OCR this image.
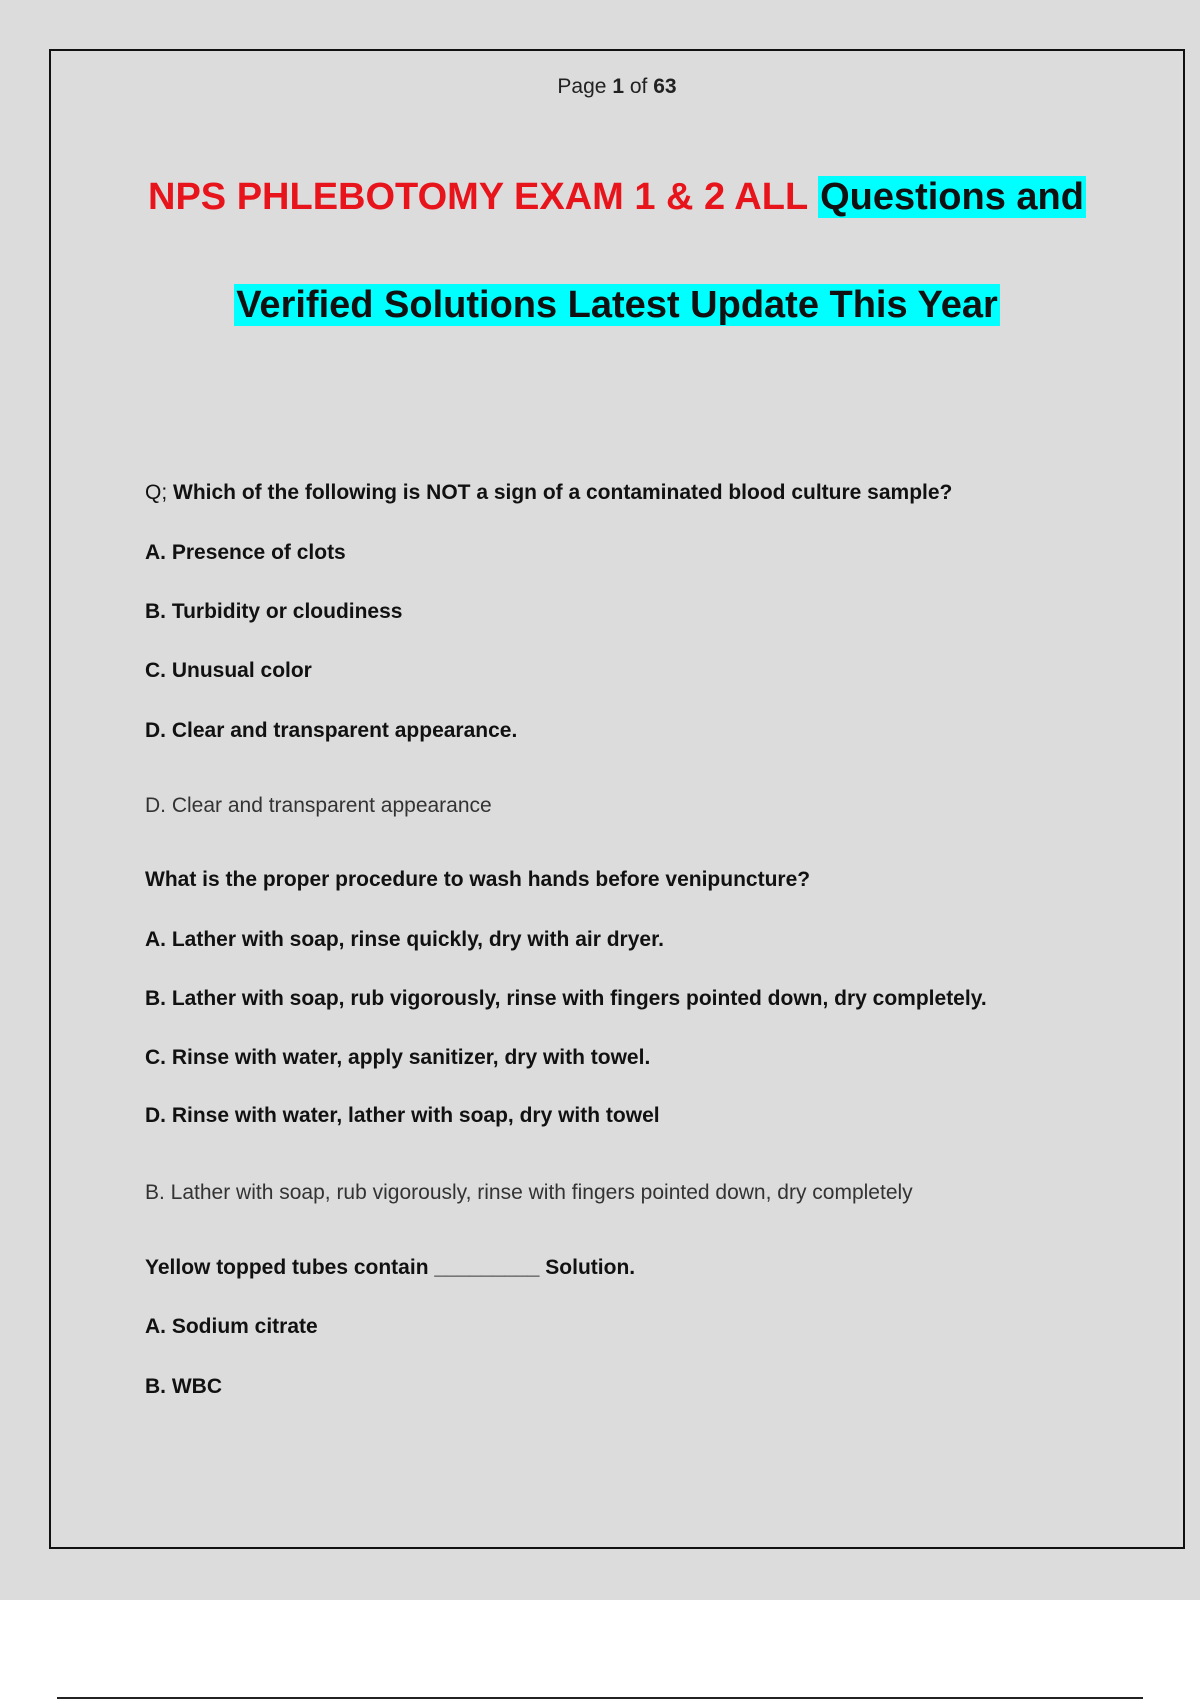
Page 1 of 63
NPS PHLEBOTOMY EXAM 1 & 2 ALL Questions and
Verified Solutions Latest Update This Year
Q; Which of the following is NOT a sign of a contaminated blood culture sample?
A. Presence of clots
B. Turbidity or cloudiness
C. Unusual color
D. Clear and transparent appearance.
D. Clear and transparent appearance
What is the proper procedure to wash hands before venipuncture?
A. Lather with soap, rinse quickly, dry with air dryer.
B. Lather with soap, rub vigorously, rinse with fingers pointed down, dry completely.
C. Rinse with water, apply sanitizer, dry with towel.
D. Rinse with water, lather with soap, dry with towel
B. Lather with soap, rub vigorously, rinse with fingers pointed down, dry completely
Yellow topped tubes contain _________ Solution.
A. Sodium citrate
B. WBC
